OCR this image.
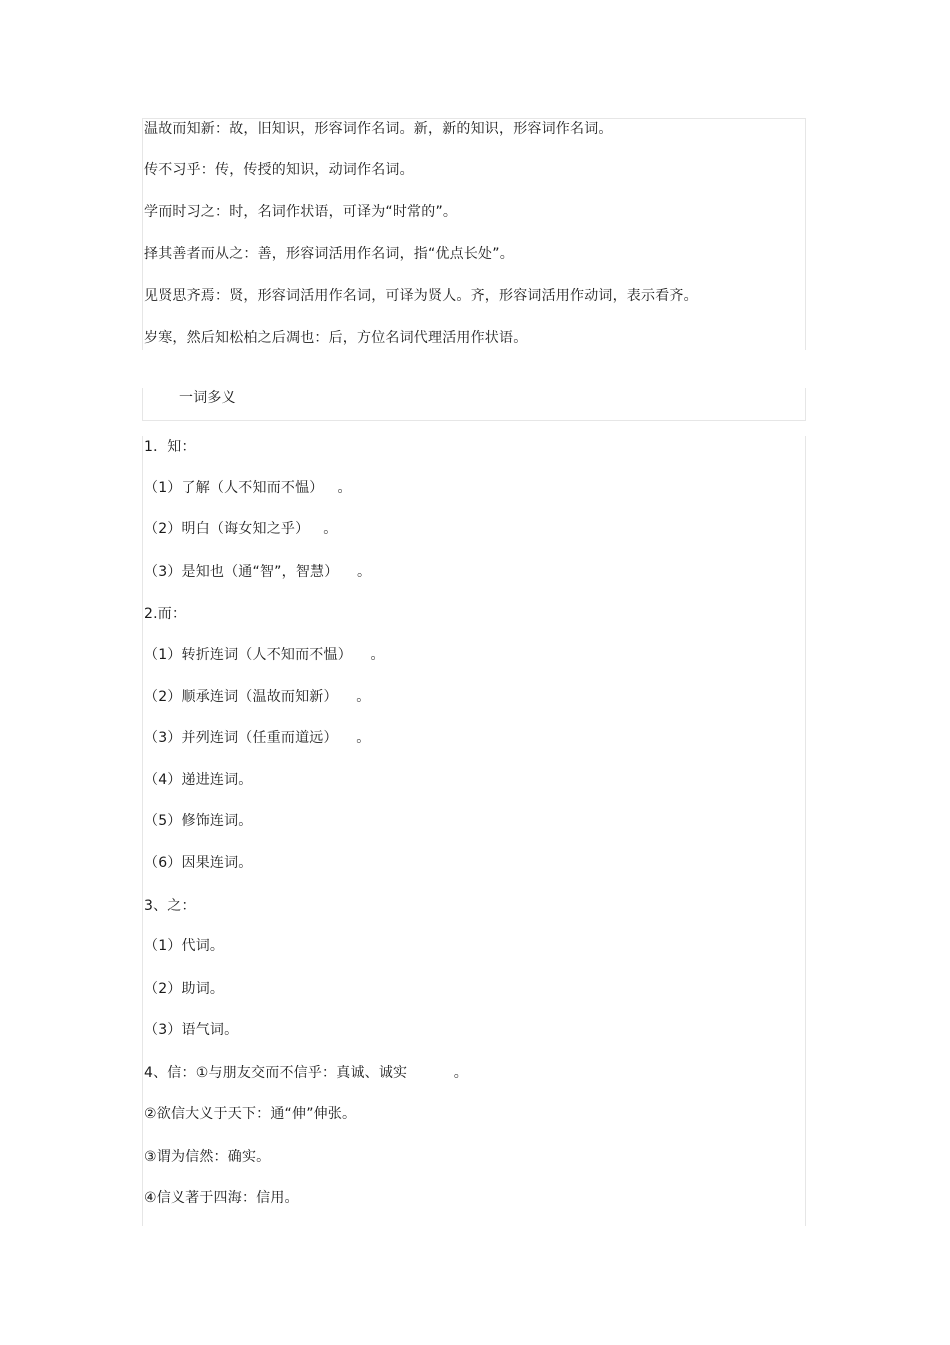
温故而知新：故，旧知识，形容词作名词。新，新的知识，形容词作名词。
传不习乎：传，传授的知识，动词作名词。
学而时习之：时，名词作状语，可译为“时常的”。
择其善者而从之：善，形容词活用作名词，指“优点长处”。
见贤思齐焉：贤，形容词活用作名词，可译为贤人。齐，形容词活用作动词，表示看齐。
岁寒，然后知松柏之后凋也：后，方位名词代理活用作状语。
一词多义
1．知：
（1）了解（人不知而不愠）   。
（2）明白（诲女知之乎）   。
（3）是知也（通“智”，智慧）    。
2.而：
（1）转折连词（人不知而不愠）    。
（2）顺承连词（温故而知新）    。
（3）并列连词（任重而道远）    。
（4）递进连词。
（5）修饰连词。
（6）因果连词。
3、之：
（1）代词。
（2）助词。
（3）语气词。
4、信：①与朋友交而不信乎：真诚、诚实          。
②欲信大义于天下：通“伸”伸张。
③谓为信然：确实。
④信义著于四海：信用。
